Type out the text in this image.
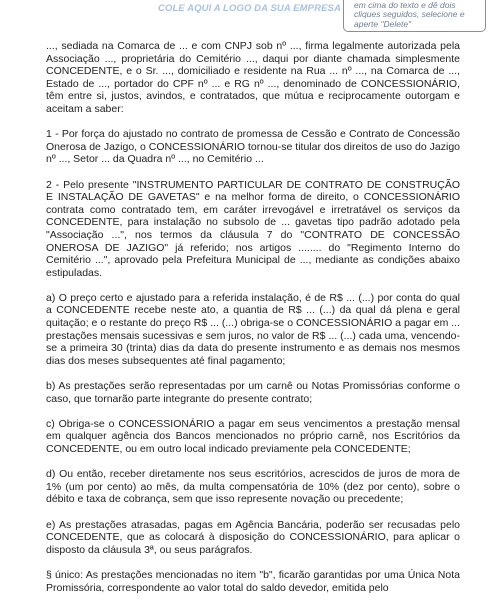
COLE AQUI A LOGO DA SUA EMPRESA	em cima do texto e dê dois cliques seguidos, selecione e aperte "Delete"

..., sediada na Comarca de ... e com CNPJ sob nº ..., firma legalmente autorizada pela Associação ..., proprietária do Cemitério ..., daqui por diante chamada simplesmente CONCEDENTE, e o Sr. ..., domiciliado e residente na Rua ... nº ..., na Comarca de ..., Estado de ..., portador do CPF nº ... e RG nº ..., denominado de CONCESSIONÁRIO, têm entre si, justos, avindos, e contratados, que mútua e reciprocamente outorgam e aceitam a saber:

1 - Por força do ajustado no contrato de promessa de Cessão e Contrato de Concessão Onerosa de Jazigo, o CONCESSIONÁRIO tornou-se titular dos direitos de uso do Jazigo nº ..., Setor ... da Quadra nº ..., no Cemitério ...

2 - Pelo presente "INSTRUMENTO PARTICULAR DE CONTRATO DE CONSTRUÇÃO E INSTALAÇÃO DE GAVETAS" e na melhor forma de direito, o CONCESSIONÁRIO contrata como contratado tem, em caráter irrevogável e irretratável os serviços da CONCEDENTE, para instalação no subsolo de ... gavetas tipo padrão adotado pela "Associação ...", nos termos da cláusula 7 do "CONTRATO DE CONCESSÃO ONEROSA DE JAZIGO" já referido; nos artigos ........ do "Regimento Interno do Cemitério ...", aprovado pela Prefeitura Municipal de ..., mediante as condições abaixo estipuladas.

a) O preço certo e ajustado para a referida instalação, é de R$ ... (...) por conta do qual a CONCEDENTE recebe neste ato, a quantia de R$ ... (...) da qual dá plena e geral quitação; e o restante do preço R$ ... (...) obriga-se o CONCESSIONÁRIO a pagar em ... prestações mensais sucessivas e sem juros, no valor de R$ ... (...) cada uma, vencendo-se a primeira 30 (trinta) dias da data do presente instrumento e as demais nos mesmos dias dos meses subsequentes até final pagamento;

b) As prestações serão representadas por um carnê ou Notas Promissórias conforme o caso, que tornarão parte integrante do presente contrato;

c) Obriga-se o CONCESSIONÁRIO a pagar em seus vencimentos a prestação mensal em qualquer agência dos Bancos mencionados no próprio carnê, nos Escritórios da CONCEDENTE, ou em outro local indicado previamente pela CONCEDENTE;

d) Ou então, receber diretamente nos seus escritórios, acrescidos de juros de mora de 1% (um por cento) ao mês, da multa compensatória de 10% (dez por cento), sobre o débito e taxa de cobrança, sem que isso represente novação ou precedente;

e) As prestações atrasadas, pagas em Agência Bancária, poderão ser recusadas pelo CONCEDENTE, que as colocará à disposição do CONCESSIONÁRIO, para aplicar o disposto da cláusula 3ª, ou seus parágrafos.

§ único: As prestações mencionadas no item "b", ficarão garantidas por uma Única Nota Promissória, correspondente ao valor total do saldo devedor, emitida pelo
